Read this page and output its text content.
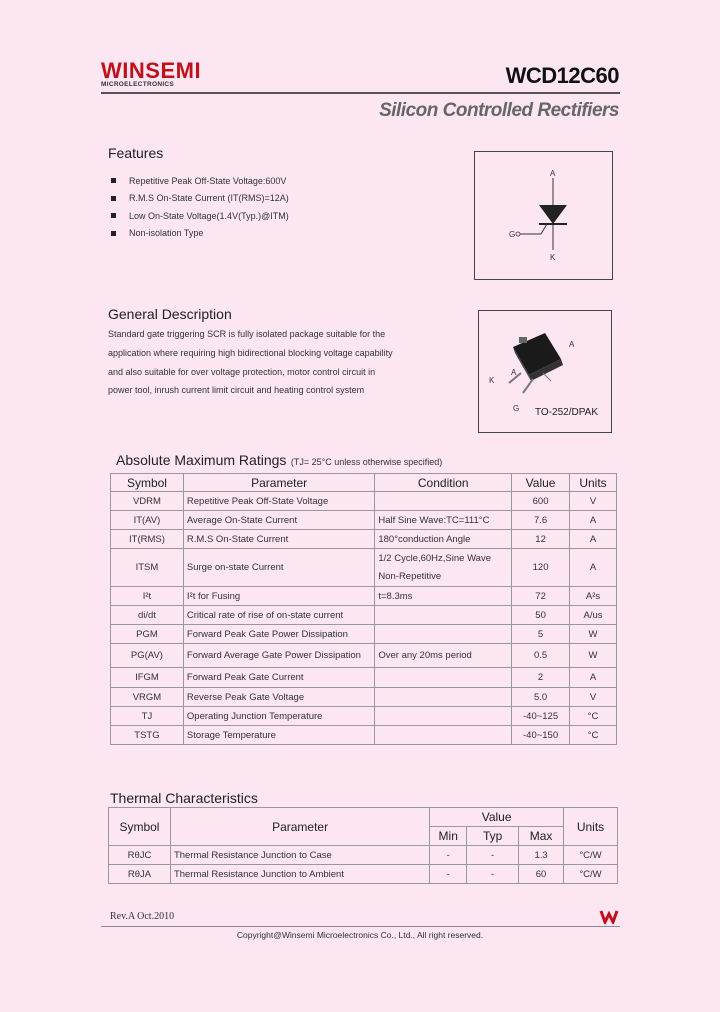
WINSEMI
MICROELECTRONICS	WCD12C60
Silicon Controlled Rectifiers
Features
Repetitive Peak Off-State Voltage:600V
R.M.S On-State Current (IT(RMS)=12A)
Low On-State Voltage(1.4V(Typ.)@ITM)
Non-isolation Type
A
G
K
General Description
Standard gate triggering SCR is fully isolated package suitable for the application where requiring high bidirectional blocking voltage capability and also suitable for over voltage protection, motor control circuit in power tool, inrush current limit circuit and heating control system
A
K
A
G TO-252/DPAK
Absolute Maximum Ratings (TJ= 25°C unless otherwise specified)
Symbol	Parameter	Condition	Value	Units
VDRM	Repetitive Peak Off-State Voltage		600	V
IT(AV)	Average On-State Current	Half Sine Wave:TC=111°C	7.6	A
IT(RMS)	R.M.S On-State Current	180°conduction Angle	12	A
ITSM	Surge on-state Current	1/2 Cycle,60Hz,Sine Wave
Non-Repetitive	120	A
I²t	I²t for Fusing	t=8.3ms	72	A²s
di/dt	Critical rate of rise of on-state current		50	A/us
PGM	Forward Peak Gate Power Dissipation		5	W
PG(AV)	Forward Average Gate Power Dissipation	Over any 20ms period	0.5	W
IFGM	Forward Peak Gate Current		2	A
VRGM	Reverse Peak Gate Voltage		5.0	V
TJ	Operating Junction Temperature		-40~125	°C
TSTG	Storage Temperature		-40~150	°C
Thermal Characteristics
Symbol	Parameter	Value			Units
		Min	Typ	Max	
RθJC	Thermal Resistance Junction to Case	-	-	1.3	°C/W
RθJA	Thermal Resistance Junction to Ambient	-	-	60	°C/W
Rev.A Oct.2010
Copyright@Winsemi Microelectronics Co., Ltd., All right reserved.
